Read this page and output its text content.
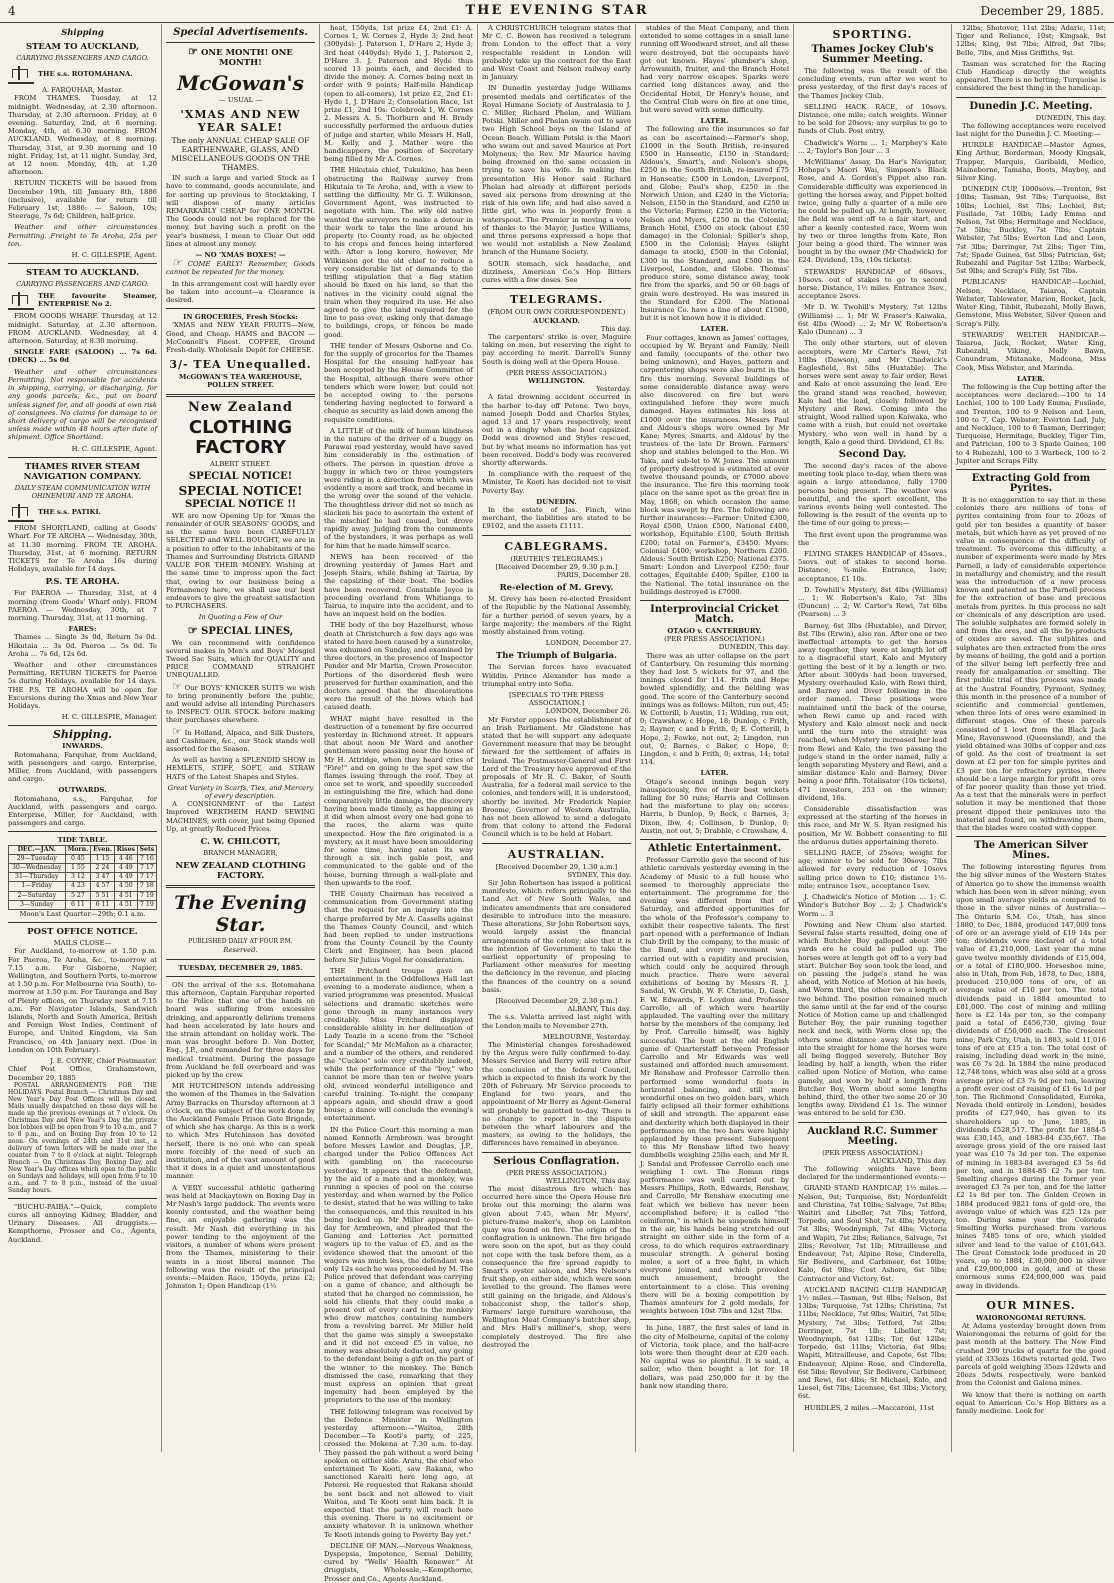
4	THE EVENING STAR	December 29, 1885.
Shipping
STEAM TO AUCKLAND,
CARRYING PASSENGERS AND CARGO.
THE s.s. ROTOMAHANA.
A. FARQUHAR, Master.

FROM THAMES. Tuesday, at 12 midnight. Wednesday, at 2.30 afternoon. Thursday, at 2.30 afternoon. Friday, at 6 evening. Saturday, 2nd, at 6 morning. Monday, 4th, at 6.30 morning. FROM AUCKLAND. Wednesday, at 8 morning. Thursday, 31st, at 9.30 morning and 10 night. Friday, 1st, at 11 night. Sunday, 3rd, at 12 noon. Monday, 4th, at 1.20 afternoon.

RETURN TICKETS will be issued from December 19th, till January 8th, 1886 (inclusive), available for return till February 1st, 1886: — Saloon, 10s; Steerage, 7s 6d; Children, half-price.

Weather and other circumstances Permitting. Freight to Te Aroha, 25s per ton.

H. C. GILLESPIE, Agent.
STEAM TO AUCKLAND.
CARRYING PASSENGERS AND CARGO.
THE favourite Steamer, ENTERPRISE No 2.

FROM GOODS WHARF. Thursday, at 12 midnight. Saturday, at 2.30 afternoon. FROM AUCKLAND. Wednesday, at 4 afternoon. Saturday, at 8.30 morning.

SINGLE FARE (SALOON) ... 7s 6d. (DECK) ... 5s 0d

Weather and other circumstances Permitting. Not responsible for accidents in shipping, carrying, or discharging, for any goods parcels, &c., put on board unless signed for, and all goods at own risk of consignees. No claims for damage to or short delivery of cargo will be recognised unless made within 48 hours after date of shipment. Office Shortland.

H. C. GILLESPIE, Agent.
THAMES RIVER STEAM NAVIGATION COMPANY.
DAILY STEAM COMMUNICATION WITH OHINEMURI AND TE AROHA.
THE s.s. PATIKI.

FROM SHORTLAND, calling at Goods' Wharf. For TE AROHA — Wednesday, 30th, at 11.30 morning. FROM TE AROHA. Thursday, 31st, at 6 morning. RETURN TICKETS for Te Aroha 16s during Holidays, available for 14 days.

P.S. TE AROHA.

For PAEROA — Thursday, 31st, at 4 morning (from Goods' Wharf only). FROM PAEROA — Wednesday, 30th, at 7 morning. Thursday, 31st, at 11 morning.

FARES:

Thames ... Single 3s 0d, Return 5s 0d. Hikutaia ... 3s 0d. Paeroa ... 5s 0d. Te Aroha ... 7s 6d, 12s 6d.

Weather and other circumstances Permitting. RETURN TICKETS for Paeroa 5s during Holidays, available for 14 days. THE P.S. TE AROHA will be open for Excursions during the Xmas and New Year Holidays.

H. C. GILLESPIE, Manager.
Shipping.
INWARDS.

Rotomahana, Farquhar, from Auckland, with passengers and cargo. Enterprise, Miller, from Auckland, with passengers and cargo.

OUTWARDS.

Rotomahana, s.s., Farquhar, for Auckland, with passengers and cargo. Enterprise, Miller, for Auckland, with passengers and cargo.

TIDE TABLE.
DEC.—JAN.	Morn.	Even.	Rises	Sets
29—Tuesday	0 45	1 15	4 46	7 16
30—Wednesday	1 55	2 24	4 49	7 17
31—Thursday	3 12	3 47	4 49	7 17
1—Friday	4 23	4 57	4 50	7 18
2—Saturday	5 27	5 51	4 51	7 19
3—Sunday	6 11	6 11	4 51	7 19
Moon's Last Quarter—29th; 0.1 a.m.
POST OFFICE NOTICE.
MAILS CLOSE—

For Auckland, to-morrow at 1.50 p.m. For Paeroa, Te Aroha, &c., to-morrow at 7.15 a.m. For Gisborne, Napier, Wellington, and Southern Ports, to-morrow at 1.50 p.m. For Melbourne (via South), to-morrow at 1.50 p.m. For Tauranga and Bay of Plenty offices, on Thursday next at 7.15 a.m. For Navigator Islands, Sandwich Islands, North and South America, British and Foreign West Indies, Continent of Europe, and United Kingdom, via San Francisco, on 4th January next. (Due in London on 10th February).

J. E. COYNE, Chief Postmaster.
Chief Post Office, Grahamstown, December 29, 1885

POSTAL ARRANGEMENTS FOR THE HOLIDAYS. Postal Branch — Christmas Day and New Year's Day Post Offices will be closed. Mails usually despatched on those days will be made up the previous evenings at 7 o'clock. On Christmas Day and New Year's Day the private box lobbies will be open from 9 to 10 a.m., and 7 to 8 p.m., and on Boxing Day from 10 to 12 noon. On evenings of 24th and 31st inst., a delivery of town letters will be made over the counter from 7 to 8 o'clock at night. Telegraph Branch — On Christmas Day, Boxing Day, and New Year's Day offices which open to the public on Sundays and holidays, will open from 9 to 10 a.m., and 7 to 8 p.m., instead of the usual Sunday hours.

"BUCHU-PAIBA."—Quick, complete cures all annoying Kidney, Bladder, and Urinary Diseases. All druggists.—Kempthorne, Prosser and Co., Agents, Auckland.

Special Advertisements.
☞ ONE MONTH! ONE MONTH!
McGowan's
— USUAL —
'XMAS AND NEW YEAR SALE!
The only ANNUAL CHEAP SALE OF EARTHENWARE, GLASS, AND MISCELLANEOUS GOODS ON THE THAMES.

IN such a large and varied Stock as I have to command, goods accumulate, and for sorting up previous to Stocktaking, I will dispose of many articles REMARKABLY CHEAP for ONE MONTH. The Goods could not be replaced for the money, but having such a profit on the year's business, I mean to Clear Out odd lines at almost any money.

— NO 'XMAS BOXES! —

☞ COME EARLY! Remember, Goods cannot be repeated for the money.

In this arrangement cost will hardly ever be taken into account—a Clearance is desired.

IN GROCERIES, Fresh Stocks:

'XMAS and NEW YEAR FRUITS—New, Good, and Cheap. HAMS and BACON — McConnell's Finest. COFFEE, Ground Fresh-daily. Wholesale Depôt for CHEESE.

3/- TEA Unequalled.
McGOWAN'S TEA WAREHOUSE, POLLEN STREET.
New Zealand
CLOTHING FACTORY
ALBERT STREET.
SPECIAL NOTICE!
SPECIAL NOTICE!
SPECIAL NOTICE !!

WE are now Opening Up for 'Xmas the remainder of OUR SEASONS' GOODS, and as the same have been CAREFULLY SELECTED and WELL BOUGHT, we are in a position to offer to the inhabitants of the Thames and Surrounding Districts GRAND VALUE FOR THEIR MONEY. Wishing at the same time to impress upon the fact that, owing to our business being a Permanency here, we shall use our best endeavors to give the greatest satisfaction to PURCHASERS.

In Quoting a Few of Our
☞ SPECIAL LINES,

We can recommend with confidence several makes in Men's and Boys' Mosgiel Tweed Sac Suits, which for QUALITY and PRICE COMMAND STRAIGHT UNEQUALLED.

☞ Our BOYS' KNICKER SUITS we wish to bring prominently before the public, and would advise all intending Purchasers to INSPECT OUR STOCK before making their purchases elsewhere.

☞ In Holland, Alpaca, and Silk Dusters, and Cashmere, &c., our Stock stands well assorted for the Season.

As well as having a SPLENDID SHOW in HEMLETS, STIFF, SOFT, and STRAW HATS of the Latest Shapes and Styles.

Great Variety in Scarfs, Ties, and Mercery of every description.

A CONSIGNMENT of the Latest Improved WERTHEIM HAND SEWING MACHINES, with cover, just being Opened Up, at greatly Reduced Prices.

C. W. CHILCOTT,
BRANCH MANAGER,
NEW ZEALAND CLOTHING FACTORY.
The Evening Star.
PUBLISHED DAILY AT FOUR P.M.
Reserved.
TUESDAY, DECEMBER 29, 1885.

ON the arrival of the s.s. Rotomahana this afternoon, Captain Farquhar reported to the Police that one of the hands on board was suffering from excessive drinking, and apparently delirium tremens had been accelerated by late hours and the strain attendant on holiday work. The man was brought before D. Von Dotter, Esq., J.P., and remanded for three days for medical treatment. During the passage from Auckland he fell overboard and was picked up by the crew.

MR HUTCHINSON intends addressing the women of the Thames in the Salvation Army Barracks on Thursday afternoon at 3 o'clock, on the subject of the work done by the Auckland Female Prison Gate Brigade, of which she has charge. As this is a work to which Mrs Hutchinson has devoted herself, there is no one who can speak more forcibly of the need of such an institution, and of the vast amount of good that it does in a quiet and unostentatious manner.

A VERY successful athletic gathering was held at Mackaytown on Boxing Day in Mr Nash's large paddock. The events were keenly contested, and the weather being fine, an enjoyable gathering was the result. Mr Nash did everything in his power tending to the enjoyment of the visitors, a number of whom were present from the Thames, ministering to their wants in a most liberal manner. The following was the result of the principal events:—Maiden Race, 150yds, prize £2; Johnston 1; Open Handicap (1½

heat, 150yds, 1st prize £4, 2nd £1: A. Cornes 1, W. Cornes 2, Hyde 3; 2nd heat (300yds): J. Paterson 1, D'Hare 2, Hyde 3; 3rd heat (440yds): Hyde 1, J. Paterson 2, D'Hare 3. J. Paterson and Hyde thus scored 13 points each, and decided to divide the money. A. Cornes being next in order with 9 points; Half-mile Handicap (open to all-comers), 1st prize £2, 2nd £1: Hyde 1, J. D'Hare 2; Consolation Race, 1st prize £1, 2nd 10s: Colebrook 1, W. Cornes 2. Messrs A. S. Thorburn and H. Brady successfully performed the arduous duties of judge and starter, while Messrs H. Hall, M. Kelly, and J. Mather were the handicappers, the position of Secretary being filled by Mr A. Cornes.

THE Hikutaia chief, Tukukino, has been obstructing the Railway survey from Hikutaia to Te Aroha, and, with a view to settling the difficulty, Mr G. T. Wilkinson, Government Agent, was instructed to negotiate with him. The wily old native wanted the surveyors to make a detour in their work to take the line around his property (to County road, as he objected to his crops and fences being interfered with. After a long korero, however, Mr Wilkinson got the old chief to reduce a very considerable list of demands to the trifling stipulation that a flag station should be fixed on his land, so that the natives in the vicinity could signal the train when they required its use. He also agreed to give the land required for the line to pass over, asking only that damage to buildings, crops, or fences be made good.

THE tender of Messrs Osborne and Co. for the supply of groceries for the Thames Hospital for the ensuing half-year has been accepted by the House Committee of the Hospital, although there were other tenders which were lower, but could not be accepted owing to the persons tendering having neglected to forward a cheque as security as laid down among the requisite conditions.

A LITTLE of the milk of human kindness in the nature of the driver of a buggy on Parawai road yesterday, would have saved him considerably in the estimation of others. The person in question drove a buggy in which two or three youngsters were riding in a direction from which was evidently a more sad track, and became in the wrong over the sound of the vehicle. The thoughtless driver did not so much as slacken his pace to ascertain the extent of the mischief he had caused, but drove rapidly away. Judging from the comments of the bystanders, it was perhaps as well for him that he made himself scarce.

NEWS has been received of the drowning yesterday of James Hart and Joseph Stairs, while fishing at Tairua, by the capsizing of their boat. The bodies have been recovered. Constable Joyce is proceeding overland from Whitianga to Tairua, to inquire into the accident, and to have an inquest held on the bodies.

THE body of the boy Hazelhurst, whose death at Christchurch a few days ago was stated to have been caused by a sunstroke, was exhumed on Sunday, and examined by three doctors, in the presence of Inspector Pender and Mr Martin, Crown Prosecutor. Portions of the disordered flesh were preserved for further examination, and the doctors agreed that the discolorations were the result of the blows which had caused death.

WHAT might have resulted in the destruction of a tenement by fire occurred yesterday in Richmond street. It appears that about noon Mr Ward and another gentleman were passing near the house of Mr H. Attridge, when they heard cries of "Fire!" and on going to the spot saw the flames issuing through the roof. They at once set to work, and speedily succeeded in extinguishing the fire, which had done comparatively little damage, the discovery having been made timely, as happening as it did when almost every one had gone to the races, the alarm was quite unexpected. How the fire originated is a mystery, as it must have been smouldering for some time, having eaten its way through a six inch gable post, and communicated to the gable end of the house, burning through a wall-plate and then upwards to the roof.

THE County Chairman has received a communication from Government stating that the request for an inquiry into the charge preferred by Mr A. Cassells against the Thames County Council, and which had been replied to under instructions from the County Council by the County Clerk and Engineer, has been placed before Sir Julius Vogel for consideration.

THE Pritchard troupe gave an entertainment in the Oddfellows Hall last evening to a moderate audience, when a varied programme was presented. Musical selections and dramatic sketches were gone through in many instances very creditably. Miss Pritchard displayed considerable ability in her delineation of Lady Teazle in a scene from the "School for Scandal;" Mr McMahon as a character, and a number of the others, and rendered the "Cuckoo" solo very creditably indeed, while the performance of the "boy," who cannot be more than ten or twelve years old, evinced wonderful intelligence and careful training. To-night the company appears again, and should draw a good house; a dance will conclude the evening's entertainment.

IN the Police Court this morning a man named Kenneth Armbrown was brought before Messrs Lawlor and Douglas, J.P., charged under the Police Offences Act with gambling on the racecourse yesterday. It appears that the defendant, by the aid of a mate and a monkey, was running a species of pool on the course yesterday, and when warned by the Police to desist, stated that he was willing to take the consequences, and this resulted in his being locked up. Mr Miller appeared to-day for Armbrown, and pleaded that the Gaming and Lotteries Act permitted wagers up to the value of £5, and as the evidence showed that the amount of the wagers was much less, the defendant was only 12s each he was proceeded by M. The Police proved that defendant was carrying on a game of chance, and although he stated that he charged no commission, he sold his clients that they could make a present out of every card to the monkey who drew matches containing numbers from a revolving barrel. Mr Miller held that the game was simply a sweepstake and it did not exceed £5 in value, no money was absolutely deducted, any going to the defendant being a gift on the part of the winner to the monkey. The Bench dismissed the case, remarking that they must express an opinion that great ingenuity had been employed by the proprietors to the use of the monkey.

THE following telegram was received by the Defence Minister in Wellington yesterday afternoon:—"Waitoa, 28th December.—Te Kooti's party, of 225, crossed the Mokena at 7.30 a.m. to-day. They passed the pah without a word being spoken on either side. Aratu, the chief who entertained Te Kooti, saw Rakana, who sanctioned Karaiti here long ago, at Peterei. He requested that Rakana should be sent back and not allowed to visit Waitoa, and Te Kooti sent him back. It is expected that the party will reach here this evening. There is no excitement or anxiety whatever. It is unknown whether Te Kooti intends going to Poverty Bay yet."

DECLINE OF MAN.—Nervous Weakness, Dyspepsia, Impotence, Sexual Debility, cured by "Wells' Health Renewer." At druggists, Wholesale,—Kempthorne, Prosser and Co., Agents Auckland.

A CHRISTCHURCH telegram states that Mr C. C. Bowen has received a telegram from London to the effect that a very respectable resident in London will probably take up the contract for the East and West Coast and Nelson railway early in January.

IN Dunedin yesterday Judge Williams presented medals and certificates of the Royal Humane Society of Australasia to J. C. Miller, Richard Phelan, and William Potski. Miller and Phelan swam out to save two High School boys on the Island of Ocean Beach. William Potski is the Maori who swam out and saved Maurice at Port Molyneux; the Rev. Mr Maurice having being drowned on the same occasion in trying to save his wife. In making the presentation His Honor said Richard Phelan had already at different periods saved six persons from drowning at the risk of his own life, and had also saved a little girl, who was in jeopardy from a waterspout. The Premier in moving a vote of thanks to the Mayor, Justice Williams, and three persons expressed a hope that we would not establish a New Zealand branch of the Humane Society.

SOUR stomach, sick headache, and dizziness, American Co.'s Hop Bitters cures with a few doses. See

TELEGRAMS.
(FROM OUR OWN CORRESPONDENT.)
AUCKLAND.
This day.

The carpenters' strike is over, Maguire taking on men, but reserving the right to pay according to merit. Darrell's Sunny South is doing well at the Opera House.

(PER PRESS ASSOCIATION.)
WELLINGTON.
Yesterday.

A fatal drowning accident occurred in the harbor to-day off Petone. Two boys, named Joseph Dodd and Charles Styles, aged 13 and 17 years respectively, went out in a dinghy when the boat capsized. Dodd was drowned and Styles rescued, but by what means no information has yet been received. Dodd's body was recovered shortly afterwards.

In compliance with the request of the Minister, Te Kooti has decided not to visit Poverty Bay.

DUNEDIN.

In the estate of Jas. Finch, wine merchant, the liabilities are stated to be £9102, and the assets £1111.

CABLEGRAMS.
(REUTER'S TELEGRAMS.)
[Received December 29, 9.30 p.m.]
PARIS, December 28.
Re-election of M. Grevy.

M. Grevy has been re-elected President of the Republic by the National Assembly, for a further period of seven years, by a large majority; the members of the Right mostly abstained from voting.

LONDON, December 27.
The Triumph of Bulgaria.

The Servian forces have evacuated Widdin. Prince Alexander has made a triumphal entry into Sofia.

[SPECIALS TO THE PRESS ASSOCIATION.]
LONDON, December 26.

Mr Forster opposes the establishment of an Irish Parliament. Mr Gladstone has stated that he will support any adequate Government measure that may be brought forward for the settlement of affairs in Ireland. The Postmaster-General and First Lord of the Treasury have approved of the proposals of Mr R. C. Baker, of South Australia, for a federal mail service to the colonies, and tenders will, it is understood, shortly be invited. Mr Frederick Napier Broome, Governor of Western Australia, has not been allowed to send a delegate from that colony to attend the Federal Council which is to be held at Hobart.

AUSTRALIAN.
[Received December 29, 1.30 a.m.]
SYDNEY, This day.

Sir John Robertson has issued a political manifesto, which refers principally to the Land Act of New South Wales, and indicates amendments that are considered desirable to introduce into the measure. These alterations, Sir John Robertson says, would largely assist the financial arrangements of the colony; also that it is the intention of Government to take the earliest opportunity of proposing to Parliament other measures for meeting the deficiency in the revenue, and placing the finances of the country on a sound basis.

[Received December 29, 2.30 p.m.]
ALBANY, This day.

The s.s. Valetta arrived last night with the London mails to November 27th.

MELBOURNE, Yesterday.

The Ministerial changes foreshadowed by the Argus were fully confirmed to-day. Messrs Service and Berry will retire after the conclusion of the federal Council, which is expected to finish its work by the 20th of February. Mr Service proceeds to England for two years, and the appointment of Mr Berry as Agent-General will probably be gazetted to-day. There is no change to report in the dispute between the wharf labourers and the masters, as owing to the holidays, the differences have remained in abeyance.

Serious Conflagration.
(PER PRESS ASSOCIATION.)
WELLINGTON, This day.

The most disastrous fire which has occurred here since the Opera House fire broke out this morning; the alarm was given about 7.45, when Mr Myers', picture-frame maker's, shop on Lambton quay was found on fire. The origin of the conflagration is unknown. The fire brigade were soon on the spot, but as they could not cope with the task before them, as a consequence the fire spread rapidly to Smart's oyster saloon, and Mrs Nelson's fruit shop, on either side, which were soon levelled to the ground. The flames were still gaining on the brigade, and Aldous's tobacconist shop, the tailor's shop, Farmers' large furniture warehouse, the Wellington Meat Company's butcher shop, and Mrs Hall's milliner's, shop, were completely destroyed. The fire also destroyed the

stables of the Meat Company, and then extended to some cottages in a small lane running off Woodward street, and all these were destroyed, but the occupants have got out known. Hayes' plumber's shop, Arrowsmith, fruiter, and the Branch Hotel had very narrow escapes. Sparks were carried long distances away, and the Occidental Hotel, Dr Henry's house, and the Central Club were on fire at one time, but were saved with some difficulty.

LATER.

The following are the insurances so far as can be ascertained:—Farmer's shop, £1000 in the South British, re-insured £500 in Hanseatic, £150 in Standard; Aldous's, Smart's, and Nelson's shops, £250 in the South British, re-insured £75 in Hanseatic; £500 in London, Liverpool, and Globe; Paul's shop, £250 in the Norwich Union, and £240 in the Victoria; Nelson, £150 in the Standard, and £250 in the Victoria; Farmer, £250 in the Victoria; Nelson and Myers, £250 in the Colonial; Branch Hotel, £500 on stock (about £50 damage) in the Colonial; Spiller's shop, £500 in the Colonial; Hayes (slight damage to stock), £500 in the Colonial, £300 in the Standard, and £500 in the Liverpool, London, and Globe. Thomas' produce store, some distance away, took fire from the sparks, and 50 or 60 bags of grain were destroyed. He was insured in the Standard for £200. The National Insurance Co. have a line of about £1500, but it is not known how it is divided.

LATER.

Four cottages, known as James' cottages, occupied by W. Bryant and Family, Neill and family, (occupants of the other two being unknown), and Hayes, pattern and carpentering shops were also burnt in the fire this morning. Several buildings of some considerable distance away were also discovered on fire but were extinguished before they were much damaged. Hayes estimates his loss at £1000 over the insurances. Messrs Paul and Aldous's shops were owned by Mr Kane; Myres, Smarts, and Aldous' by the trustees of the late Dr Brown. Farmers' shop and stables belonged to the Hon. Wi Taka, and sub-let to W. Jones. The amount of property destroyed is estimated at over twelve thousand pounds, or £7000 above the insurance. The fire this morning took place on the same spot as the great fire in May, 1868, on which occasion the same block was swept by fire. The following are further insurances:—Farmer: United £300, Royal £500, Union £500, National £400, workshop, Equitable £100, South British £200; total on Farmer's, £3450. Myers: Colonial £400; workshop, Northern £200. Aldous: South British £250; National £375. Smart: London and Liverpool £250; four cottages, Equitable £400; Spiller, £100 in the National. The total insurance on the buildings destroyed is £7000.

Interprovincial Cricket Match.
OTAGO v. CANTERBURY.
(PER PRESS ASSOCIATION.)
DUNEDIN, This day.

There was an utter collapse on the part of Canterbury. On resuming this morning they had lost 5 wickets for 97, and the innings closed for 114. Frith and Hope bowled splendidly, and the fielding was good. The score of the Canterbury second innings was as follows: Milton, run out, 45; W. Cotterill, b Austin, 11; Wilding, run out, 0; Crawshaw, c Hope, 18; Dunlop, c Frith, 2; Rayner, c and b Frith, 0; E. Cotterill, b Hope, 2; Fowke, not out, 2; Lingdon, run out, 0; Barnes, c Baker, c Hope, 0; Lingdon, c and b Frith, 0; extras, 14; total 114.

LATER.

Otago's second innings began very inauspiciously, five of their best wickets falling for 50 runs; Harris and Collinson had the misfortune to play on; scores: Harris, b Dunlop, 9; Beck, c Barnes, 3; Dixon, lbw, 4; Collinson, b Dunlop, 0; Austin, not out, 5; Drabble, c Crawshaw, 4.

Athletic Entertainment.

Professor Carrollo gave the second of his athletic carnivals yesterday evening in the Academy of Music to a full house who seemed to thoroughly appreciate the entertainment. The programme for the evening was different from that of Saturday, and afforded opportunities for the whole of the Professor's company to exhibit their respective talents. The first part opened with a performance of Indian Club Drill by the company, to the music of the Band, and every movement was carried out with a rapidity and precision, which could only be acquired through much practice. There were several exhibitions of boxing by Messrs R. J. Sandal, W. Grubb, W. F. Christie, D. Gash, F. W. Edwards, F. Loydon and Professor Carrollo, all of which were heartily applauded. The vaulting over the military horse by the members of the company, led by Prof. Carrollo himself, was highly successful. The bout at the old English game of Quarterstaff between Professor Carrollo and Mr Edwards was well sustained and afforded much amusement. Mr Renshaw and Professor Carrollo then performed some wonderful feats in horizontal balancing, and still more wonderful ones on two golden bars, which fairly eclipsed all their former exhibitions of skill and strength. The apparent ease and dexterity which both displayed in their performance on the two bars were highly applauded by those present. Subsequent to this Mr Renshaw lifted two heavy dumbbells weighing 25lbs each, and Mr R. J. Sandal and Professor Carrollo each one weighing 1 cwt. The Roman rings performance was well carried out by Messrs Phillips, Roth, Edwards, Renshaw, and Carrollo, Mr Renshaw executing one feat which we believe has never been accomplished before; it is called "the ceiniferon," in which he suspends himself in the air, his hands being stretched out straight on either side in the form of a cross, to do which requires extraordinary muscular strength. A general boxing melee, a sort of a free fight, in which everyone joined, and which provoked much amusement, brought the entertainment to a close. This evening there will be a boxing competition by Thames amateurs for 2 gold medals, for weights between 10st 7lbs and 12st 7lbs.

In June, 1887, the first sales of land in the city of Melbourne, capital of the colony of Victoria, took place, and the half-acre lots were then thought dear at £20 each. No capital was so plentiful. It is said, a sailor, who then bought a lot for 18 dollars, was paid 250,000 for it by the bank now standing there.

SPORTING.
Thames Jockey Club's Summer Meeting.

The following was the result of the concluding events, run after we went to press yesterday, of the first day's races of the Thames Jockey Club.

SELLING HACK RACE, of 10sovs. Distance, one mile; catch weights. Winner to be sold for 20sovs; any surplus to go to funds of Club. Post entry.

Chadwick's Worm ... 1; Marphey's Kate ... 2; Taylor's Bon Jour ... 3

McWilliams' Assay, Da Har's Navigator, Hohepa's Maori Wai, Simpson's Black Rose, and A. Gordon's Pippet also ran. Considerable difficulty was experienced in getting the horses away, and Pippet bolted twice, going fully a quarter of a mile ere he could be pulled up. At length, however, the field was sent off to a fair start, and after a keenly contested race, Worm won by two or three lengths from Kate, Bon Jour being a good third. The winner was bought in by the owner (Mr Chadwick) for £24. Dividend, 15s, (10s tickets).

STEWARDS' HANDICAP of 60sovs., 10sovs. out of stakes to go to second horse. Distance, 1½ miles. Entrance 3sov., acceptance 2sovs.

Mr D. W. Twohill's Mystery, 7st 12lbs (Williams) ... 1; Mr W. Fraser's Kaiwaka, 6st 4lbs (Wood) ... 2; Mr W. Robertson's Kalo (Duncan) ... 3

The only other starters, out of eleven acceptors, were Mr Carter's Rewi, 7st 10lbs (Dawson), and Mr Chadwick's Eaglesfield, 8st 5lbs (Huxtable). The horses were sent away to fair order, Rewi and Kalo at once assuming the lead. Ere the grand stand was reached, however, Kalo had the lead, closely followed by Mystery and Rewi. Coming into the straight, Wood rallied upon Kaiwaka, who came with a rush, but could not overtake Mystery, who won well in hand by a length, Kalo a good third. Dividend, £1 8s.

Second Day.

The second day's races of the above meeting took place to-day, when there was again a large attendance, fully 1700 persons being present. The weather was beautiful, and the sport excellent, the various events being well contested. The following is the result of the events up to the time of our going to press:—

The first event upon the programme was the

FLYING STAKES HANDICAP of 45sovs., 5sovs. out of stakes to second horse. Distance, ¾-mile. Entrance, 1sov; acceptance, £1 10s.

D. Towhill's Mystery, 8st 4lbs (Williams) ... 1; W. Robertson's Kalo, 7st 3lbs (Duncan) ... 2; W. Carter's Rewi, 7st 6lbs (Pearson) ... 3

Barney, 6st 3lbs (Huxtable), and Dirver, 8st 7lbs (Erwin), also ran. After one or two ineffectual attempts to get the horses away together, they were at length let off to a disgraceful start, Kalo and Mystery getting the best of it by a length or two. After about 300yds had been traversed, Mystery overhauled Kalo, with Rewi third, and Barney and Diver following in the order named. These positions were maintained until the back of the course, when Rewi came up and raced with Mystery and Kalo almost neck and neck until the turn into the straight was reached, when Mystery increased her lead from Rewi and Kalo, the two passing the judge's stand in the order named, fully a length separating Mystery and Rewi, and a similar distance Kalo and Barney, Diver being a poor fifth. Totalisator (10s tickets), 471 investors, 253 on the winner; dividend, 16s.

Considerable dissatisfaction was expressed at the starting of the horses in this race, and Mr W. S. Ryan resigned his position, Mr W. Bobbett consenting to fill the arduous duties appertaining thereto.

SELLING RACE, of 25sovs; weight for age; winner to be sold for 30sovs; 7lbs allowed for every reduction of 10sovs selling price down to £10; distance 1½-mile; entrance 1sov., acceptance 1sov.

J. Chadwick's Notice of Motion ... 1; C. Winder's Butcher Boy ... 2; J. Chadwick's Worm ... 3

Powning and New Chum also started. Several false starts resulted, doing one of which Butcher Boy galloped about 300 yards ere he could be pulled up. The horses were at length got off to a very bad start. Butcher Boy soon took the lead, and on passing the judge's stand he was ahead, with Notice of Motion at his heels, and Worm third, the other two a length or two behind. The position remained much the same until at the far end of the course Notice of Motion came up and challenged Butcher Boy, the pair running together neck and neck, with Worm close up, the others some distance away. At the turn into the straight for home the horses were all being flogged severely, Butcher Boy leading by half a length, when the rider called upon Notice of Motion, who came gamely, and won by half a length from Butcher Boy, Worm about some lengths behind, third, the other two some 20 or 30 lengths away. Dividend £1 1s. The winner was entered to be sold for £30.

Auckland R.C. Summer Meeting.
(PER PRESS ASSOCIATION.)
AUCKLAND, This day.

The following weights have been declared for the undermentioned events:—

GRAND STAND HANDICAP, 1½ miles.—Nelson, 9st; Turquoise, 8st; Nordenfeldt and Christina, 7st 10lbs; Salvage, 7st 8lbs; Waitiri and Libeller, 7st 7lbs; Tetford, Torpedo, and Soul Shot, 7st 4lbs; Mystery, 7st 3lbs; Woodnymph, 7st 4lbs; Victoria and Wapiti, 7st 2lbs; Reliance, Salvage, 7st 2lbs; Revolver, 7st 1lb; Mitrailleuse and Endeavour, 7st; Alpine Rose, Cinderella, Sir Bedivere, and Carbineer, 6st 10lbs; Kalo, 6st 9lbs; Cost Ashore, 6st 5lbs; Contractor and Victory, 6st.

AUCKLAND RACING CLUB HANDICAP, 1½ miles.—Tasman, 9st 8lbs; Nelson, 8st 13lbs; Turquoise, 7st 12lbs; Christina, 7st 11lbs; Necklace, 7st 9lbs; Waitiri, 7st 5lbs; Mystery, 7st 3lbs; Tetford, 7st 2lbs; Derringer, 7st 1lb; Libeller, 7st; Woodnymph, 6st 12lbs; Tor, 6st 12lbs; Torpedo, 6st 11lbs; Victoria, 6st 9lbs; Wapiti, Mitrailleuse, and Capote, 6st 7lbs; Endeavour, Alpine Rose, and Cinderella, 6st 5lbs; Revolver, Sir Bedivere, Carbineer, and Rewi, 6st 4lbs; St Michael, Kalo, and Liesel, 6st 7lbs; Licensee, 6st 3lbs; Victory, 6st.

HURDLES, 2 miles.—Maccaroni, 11st

12lbs; Shotover, 11st 2lbs; Adaric, 11st; Tiger and Reliance, 10st; Kingsak, 9st 12lbs; King, 9st 7lbs; Alfred, 9st 7lbs; Belle, 7lbs, and Miss Griffiths, 9st.

Tasman was scratched for the Racing Club Handicap directly the weights appeared. There is no betting; Turquoise is considered the best thing in the handicap.

Dunedin J.C. Meeting.
DUNEDIN, This day.

The following acceptances were received last night for the Dunedin J. C. Meeting:—

HURDLE HANDICAP.—Master Agnes, King Arthur, Borderman, Moody Kingsak, Trapper, Marquis, Garibaldi, Medico, Maineborne, Tamaha, Boots, Mayboy, and Silver King.

DUNEDIN CUP, 1000sovs.—Trenton, 9st 10lbs; Tasman, 9st 7lbs; Turquoise, 8st 10lbs; Lochiel, 8st 7lbs; Lochiel, 8st; Fusilade, 7st 10lbs; Lady Emma and Nelson, 7st 9lbs; Hermitage and Necklace, 7st 5lbs; Buckley, 7st 7lbs; Captain Webster, 7st 5lbs; Everton Lad and Leon, 7st 3lbs; Derringer, 7st 2lbs; Tiger Tim, 7st; Spade Guinea, 6st 5lbs; Patrician, 6st; Rubezahl and Pagitar 5st 12lbs; Warbeck, 5st 9lbs; and Scrap's Filly, 5st 7lbs.

PUBLICANS' HANDICAP.—Lochiel, Nelson, Necklace, Taiaroa, Captain Webster, Tablewater, Marion, Rocket, Jack, Water King, Tibbit, Rubezahl, Molly Bawn, Gemstone, Miss Webster, Silver Queen and Scrap's Filly.

STEWARDS' WELTER HANDICAP.—Taiaroa, Jack, Rocket, Water King, Rubezahl, Viking, Molly Bawn, Conundrum, Mutanake, Madcona, Miss Cook, Miss Webster, and Marinda.

LATER.

The following is the Cup betting after the acceptances were declared:—100 to 14 Lochiel, 100 to 100 Lady Emma, Fusilade, and Trenton, 100 to 9 Nelson and Leon, 100 to 7, Cap. Webster, Everton Lad, July, and Necklace, 100 to 6 Tasman, Derringer, Turquoise, Hermitage, Buckley, Tiger Tim, and Patrician, 100 to 3 Spade Guinea, 100 to 4 Rubezahl, 100 to 3 Warbeck, 100 to 2 Jupiter and Scraps Filly.

Extracting Gold from Pyrites.

It is no exaggeration to say that in these colonies there are millions of tons of pyrites containing from four to 20ozs of gold per ton besides a quantity of baser metals, but which have as yet proved of no value in consequence of the difficulty of treatment. To overcome this difficulty, a number of experiments were made by Mrs Parnell, a lady of considerable experience in metallurgy and chemistry, and the result was the introduction of a new process known and patented as the Parnell process for the extraction of base and precious metals from pyrites. In this process no salt or chemicals of any description are used. The soluble sulphates are formed solely in and from the ores, and all the by-products of oxides are saved. The sulphites and sulphates are then extracted from the ores by means of boiling, the gold and a portion of the silver being left perfectly free and ready for amalgamation or smelting. The first public trial of this process was made at the Austral Foundry, Pyrmont, Sydney, this month in the presence of a number of scientific and commercial gentlemen, when three lots of ores were examined in different stages. One of these parcels consisted of 1 lowt from the Black Jack Mine, Ravenswood (Queensland), and the yield obtained was 30lbs of copper and ozs of gold. As the cost of treatment is set down at £2 per ton for simple pyrites and £3 per ton for refractory pyrites, there should be a large margin for profit in ores of far poorer quality than those yet tried. As a test that the minerals were in perfect solution it may be mentioned that those present dipped their penknives into the material and found, on withdrawing them, that the blades were coated with copper.

The American Silver Mines.

The following interesting figures from the big silver mines of the Western States of America go to show the immense wealth which has been won in silver mining, even upon small average yields as compared to those in the silver mines of Australia:— The Ontario S.M. Co., Utah, has since 1880, to Dec, 1884, produced 147,009 tons of ore or an average yield of £19 14s per ton; dividends were declared of a total value of £1,210,000. Last year the mine gave twelve monthly dividends of £15,004, or a total of £180,000. Horseshoe mine, also in Utah, from Feb, 1878, to Dec, 1884, produced 210,000 tons of ore, of an average value of £10 per ton. The total dividends paid in 1884 amounted to £81,000. The cost of mining and milling here is £2 14s per ton, so the company paid a total of £456,730, giving four dividends of £50,000 each. The Crescent mine, Park City, Utah, in 1883, sold 11,016 tons of ore at £15 a ton. The total cost of raising, including dead work in the mine, was £6 7s 2d. In 1884 the mine produced 12,748 tons, which was also sold at a gross average price of £3 7s 9d per ton, leaving a profit over cost of raising of £1 6s 1d per ton. The Richmond Consolidated, Eureka, Nevada (held entirely in London), besides profits of £27,940, has given to its shareholders up to June, 1885, in dividends £528,517. The profit for 1884-5 was £30,145, and 1883-84 £35,667. The average gross yield of the ore raised last year was £10 7s 3d per ton. The expense of mining in 1883-84 averaged £3 5s 6d per ton, and in 1884-85 £2 7s per ton. Smelting charges during the former year averaged £3 7s per ton, and for the latter £2 1s 8d per ton. The Golden Crown in 1884 produced 9821 tons of gold ore, the average value of which was £25 12s per ton. During same year the Colorado Smelting Works purchased from various mines 7485 tons of ore, which yielded silver and lead to the value of £101,643. The Great Comstock lode produced in 20 years, up to 1884, £30,000,000 in silver and £29,000,000 in gold, and of these enormous sums £24,000,000 was paid away in dividends.

OUR MINES.
WAIORONGOMAI RETURNS.

At Adams yesterday brought down from Waiorongomai the returns of gold for the past month at the battery. The New Find crushed 290 trucks of quartz for the good yield of 333ozs 16dwts retorted gold. Two parcels of gold weighing 35ozs 12dwts and 20ozs 5dwts respectively, were banked from the Colonist and Galena mines.

We know that there is nothing on earth equal to American Co.'s Hop Bitters as a family medicine. Look for
